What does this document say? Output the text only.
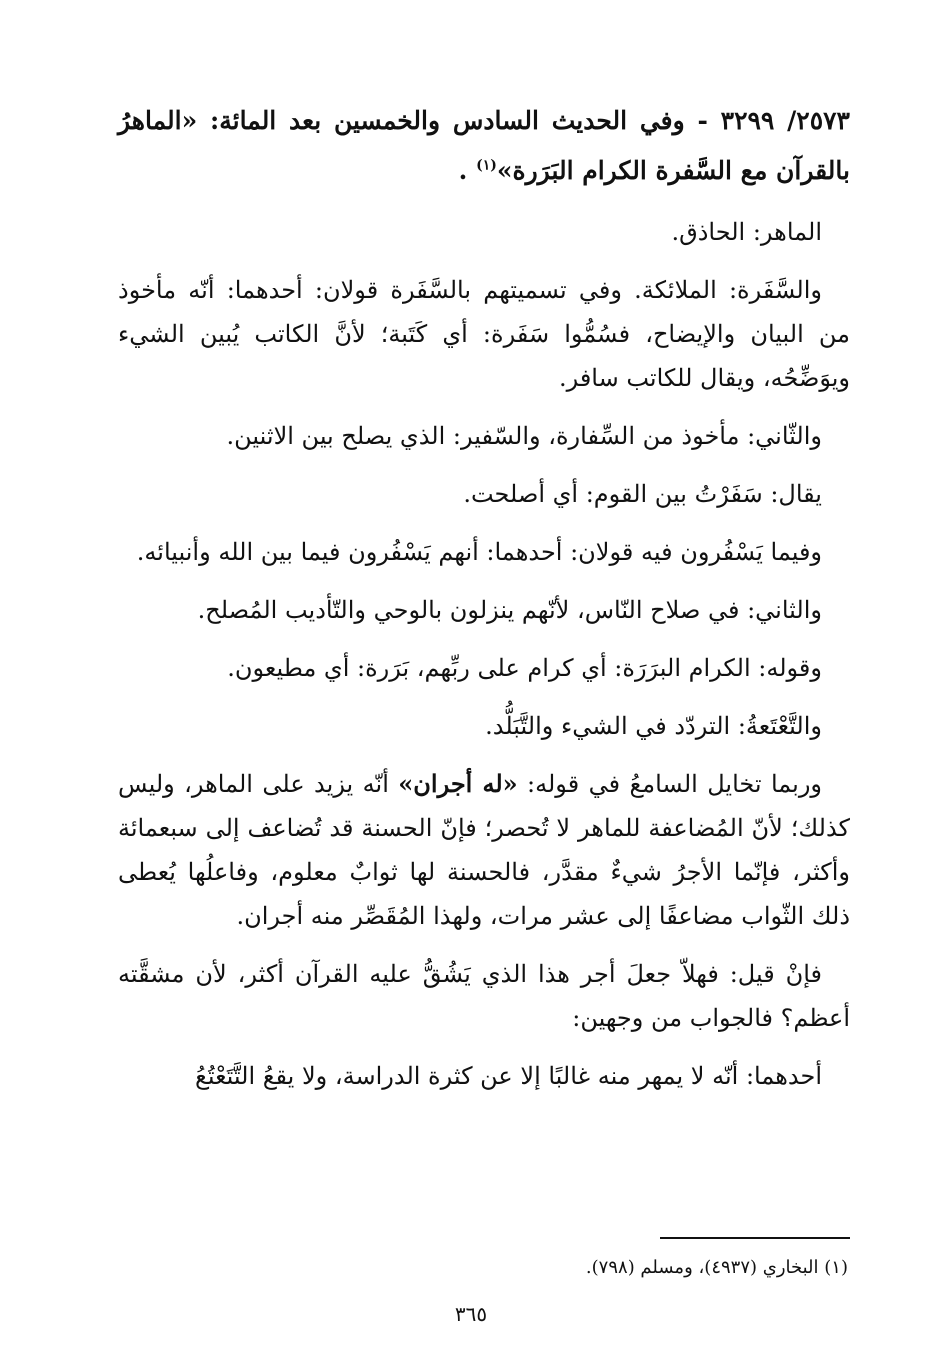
٢٥٧٣/ ٣٢٩٩ - وفي الحديث السادس والخمسين بعد المائة: «الماهرُ بالقرآن مع السَّفرة الكرام البَرَرة»$^{(١)}$ .

الماهر: الحاذق.

والسَّفَرة: الملائكة. وفي تسميتهم بالسَّفَرة قولان: أحدهما: أنّه مأخوذ من البيان والإيضاح، فسُمُّوا سَفَرة: أي كَتَبة؛ لأنَّ الكاتب يُبين الشيء ويوَضِّحُه، ويقال للكاتب سافر.

والثّاني: مأخوذ من السِّفارة، والسّفير: الذي يصلح بين الاثنين.

يقال: سَفَرْتُ بين القوم: أي أصلحت.

وفيما يَسْفُرون فيه قولان: أحدهما: أنهم يَسْفُرون فيما بين الله وأنبيائه.

والثاني: في صلاح النّاس، لأنّهم ينزلون بالوحي والتّأديب المُصلح.

وقوله: الكرام البرَرَة: أي كرام على ربِّهم، بَرَرة: أي مطيعون.

والتَّعْتَعةُ: التردّد في الشيء والتَّبَلُّد.

وربما تخايل السامعُ في قوله: «له أجران» أنّه يزيد على الماهر، وليس كذلك؛ لأنّ المُضاعفة للماهر لا تُحصر؛ فإنّ الحسنة قد تُضاعف إلى سبعمائة وأكثر، فإنّما الأجرُ شيءٌ مقدَّر، فالحسنة لها ثوابٌ معلوم، وفاعلُها يُعطى ذلك الثّواب مضاعفًا إلى عشر مرات، ولهذا المُقَصِّر منه أجران.

فإنْ قيل: فهلاّ جعلَ أجر هذا الذي يَشُقُّ عليه القرآن أكثر، لأن مشقَّته أعظم؟ فالجواب من وجهين:

أحدهما: أنّه لا يمهر منه غالبًا إلا عن كثرة الدراسة، ولا يقعُ التَّتَعْتُعُ

(١) البخاري (٤٩٣٧)، ومسلم (٧٩٨).
٣٦٥
